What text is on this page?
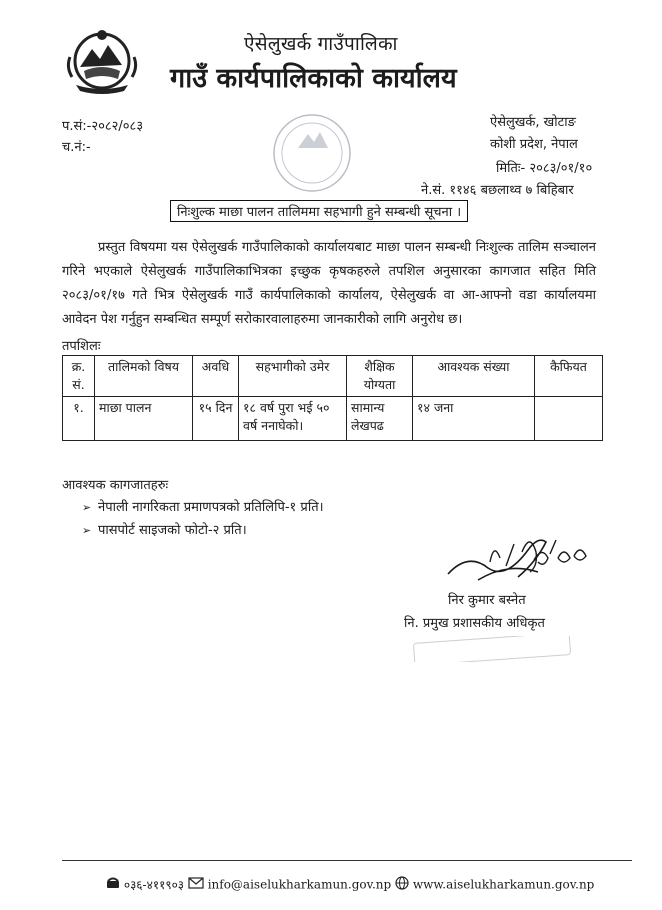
ऐसेलुखर्क गाउँपालिका
गाउँ कार्यपालिकाको कार्यालय
प.सं:-२०८२/०८३
च.नं:-
ऐसेलुखर्क, खोटाङ
कोशी प्रदेश, नेपाल
मितिः- २०८३/०१/१०
ने.सं. ११४६ बछलाथ्व ७ बिहिबार
निःशुल्क माछा पालन तालिममा सहभागी हुने सम्बन्धी सूचना ।
प्रस्तुत विषयमा यस ऐसेलुखर्क गाउँपालिकाको कार्यालयबाट माछा पालन सम्बन्धी निःशुल्क तालिम सञ्चालन गरिने भएकाले ऐसेलुखर्क गाउँपालिकाभित्रका इच्छुक कृषकहरुले तपशिल अनुसारका कागजात सहित मिति २०८३/०१/१७ गते भित्र ऐसेलुखर्क गाउँ कार्यपालिकाको कार्यालय, ऐसेलुखर्क वा आ-आफ्नो वडा कार्यालयमा आवेदन पेश गर्नुहुन सम्बन्धित सम्पूर्ण सरोकारवालाहरुमा जानकारीको लागि अनुरोध छ।
तपशिलः
क्र. सं.	तालिमको विषय	अवधि	सहभागीको उमेर	शैक्षिक योग्यता	आवश्यक संख्या	कैफियत
१.	माछा पालन	१५ दिन	१८ वर्ष पुरा भई ५० वर्ष ननाघेको।	सामान्य लेखपढ	१४ जना	
आवश्यक कागजातहरुः
➢ नेपाली नागरिकता प्रमाणपत्रको प्रतिलिपि-१ प्रति।
➢ पासपोर्ट साइजको फोटो-२ प्रति।
निर कुमार बस्नेत
नि. प्रमुख प्रशासकीय अधिकृत
०३६-४११९०३ info@aiselukharkamun.gov.np www.aiselukharkamun.gov.np
